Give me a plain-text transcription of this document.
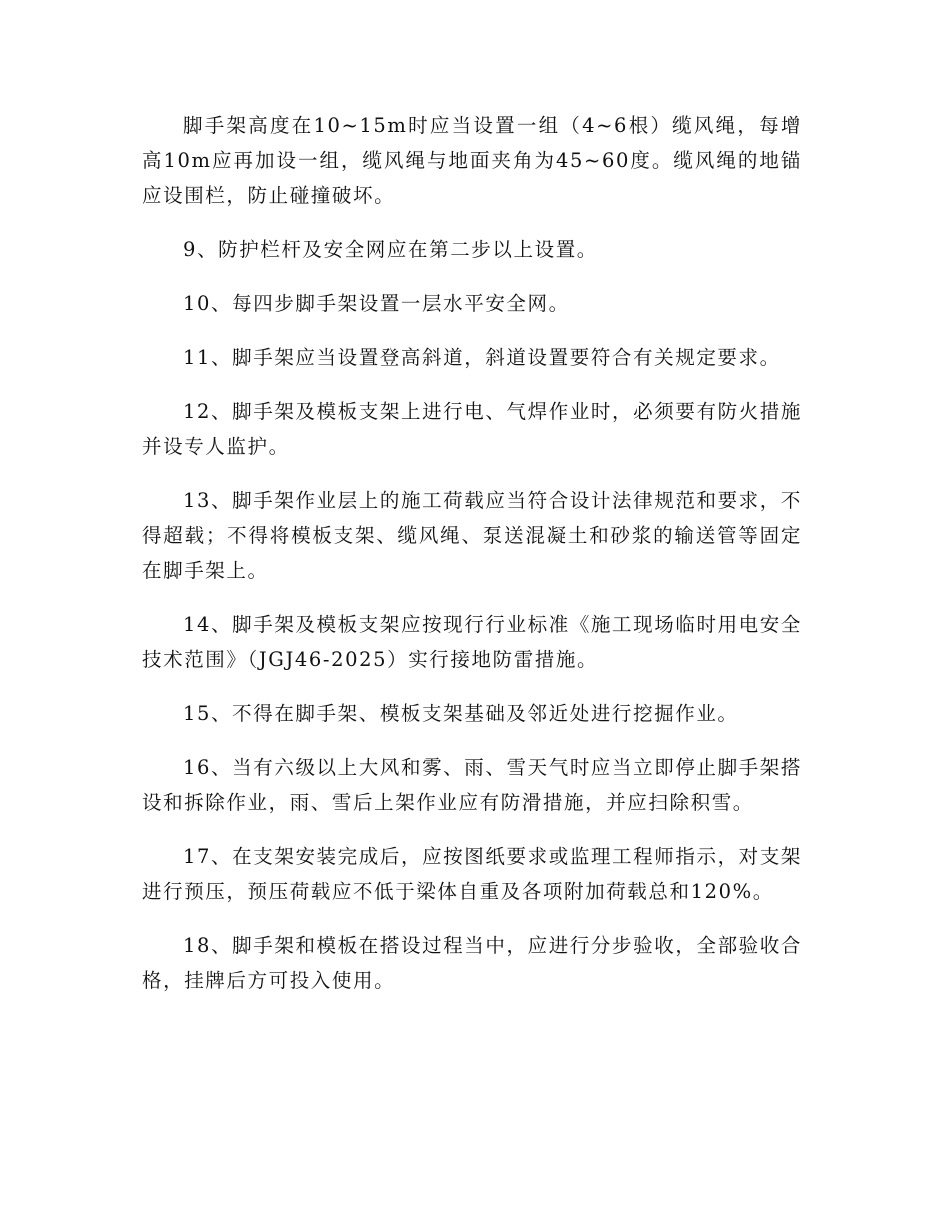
脚手架高度在10~15m时应当设置一组（4~6根）缆风绳，每增高10m应再加设一组，缆风绳与地面夹角为45~60度。缆风绳的地锚应设围栏，防止碰撞破坏。

9、防护栏杆及安全网应在第二步以上设置。

10、每四步脚手架设置一层水平安全网。

11、脚手架应当设置登高斜道，斜道设置要符合有关规定要求。

12、脚手架及模板支架上进行电、气焊作业时，必须要有防火措施并设专人监护。

13、脚手架作业层上的施工荷载应当符合设计法律规范和要求，不得超载；不得将模板支架、缆风绳、泵送混凝土和砂浆的输送管等固定在脚手架上。

14、脚手架及模板支架应按现行行业标准《施工现场临时用电安全技术范围》（JGJ46-2025）实行接地防雷措施。

15、不得在脚手架、模板支架基础及邻近处进行挖掘作业。

16、当有六级以上大风和雾、雨、雪天气时应当立即停止脚手架搭设和拆除作业，雨、雪后上架作业应有防滑措施，并应扫除积雪。

17、在支架安装完成后，应按图纸要求或监理工程师指示，对支架进行预压，预压荷载应不低于梁体自重及各项附加荷载总和120%。

18、脚手架和模板在搭设过程当中，应进行分步验收，全部验收合格，挂牌后方可投入使用。
